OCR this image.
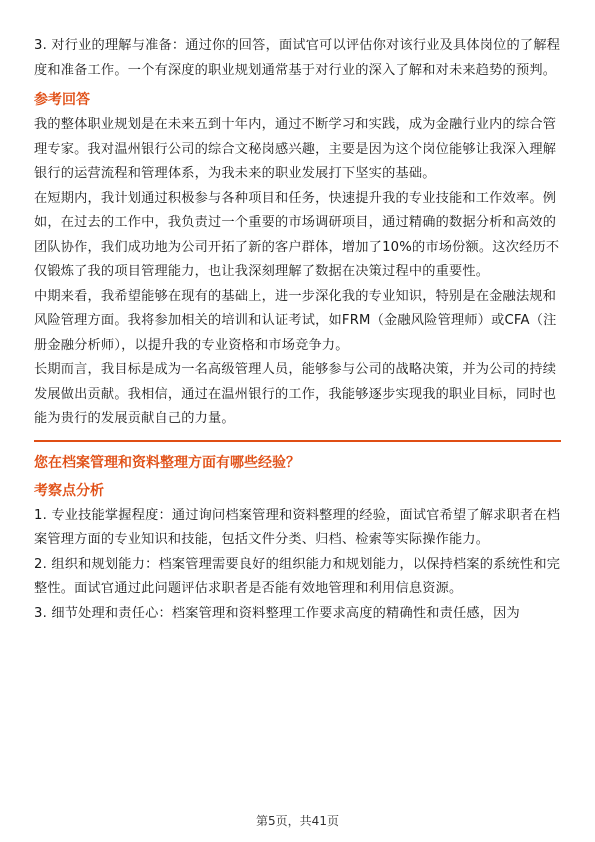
3. 对行业的理解与准备：通过你的回答，面试官可以评估你对该行业及具体岗位的了解程度和准备工作。一个有深度的职业规划通常基于对行业的深入了解和对未来趋势的预判。

参考回答

我的整体职业规划是在未来五到十年内，通过不断学习和实践，成为金融行业内的综合管理专家。我对温州银行公司的综合文秘岗感兴趣，主要是因为这个岗位能够让我深入理解银行的运营流程和管理体系，为我未来的职业发展打下坚实的基础。

在短期内，我计划通过积极参与各种项目和任务，快速提升我的专业技能和工作效率。例如，在过去的工作中，我负责过一个重要的市场调研项目，通过精确的数据分析和高效的团队协作，我们成功地为公司开拓了新的客户群体，增加了10%的市场份额。这次经历不仅锻炼了我的项目管理能力，也让我深刻理解了数据在决策过程中的重要性。

中期来看，我希望能够在现有的基础上，进一步深化我的专业知识，特别是在金融法规和风险管理方面。我将参加相关的培训和认证考试，如FRM（金融风险管理师）或CFA（注册金融分析师），以提升我的专业资格和市场竞争力。

长期而言，我目标是成为一名高级管理人员，能够参与公司的战略决策，并为公司的持续发展做出贡献。我相信，通过在温州银行的工作，我能够逐步实现我的职业目标，同时也能为贵行的发展贡献自己的力量。

您在档案管理和资料整理方面有哪些经验？
考察点分析

1. 专业技能掌握程度：通过询问档案管理和资料整理的经验，面试官希望了解求职者在档案管理方面的专业知识和技能，包括文件分类、归档、检索等实际操作能力。

2. 组织和规划能力：档案管理需要良好的组织能力和规划能力，以保持档案的系统性和完整性。面试官通过此问题评估求职者是否能有效地管理和利用信息资源。

3. 细节处理和责任心：档案管理和资料整理工作要求高度的精确性和责任感，因为

第5页，共41页
